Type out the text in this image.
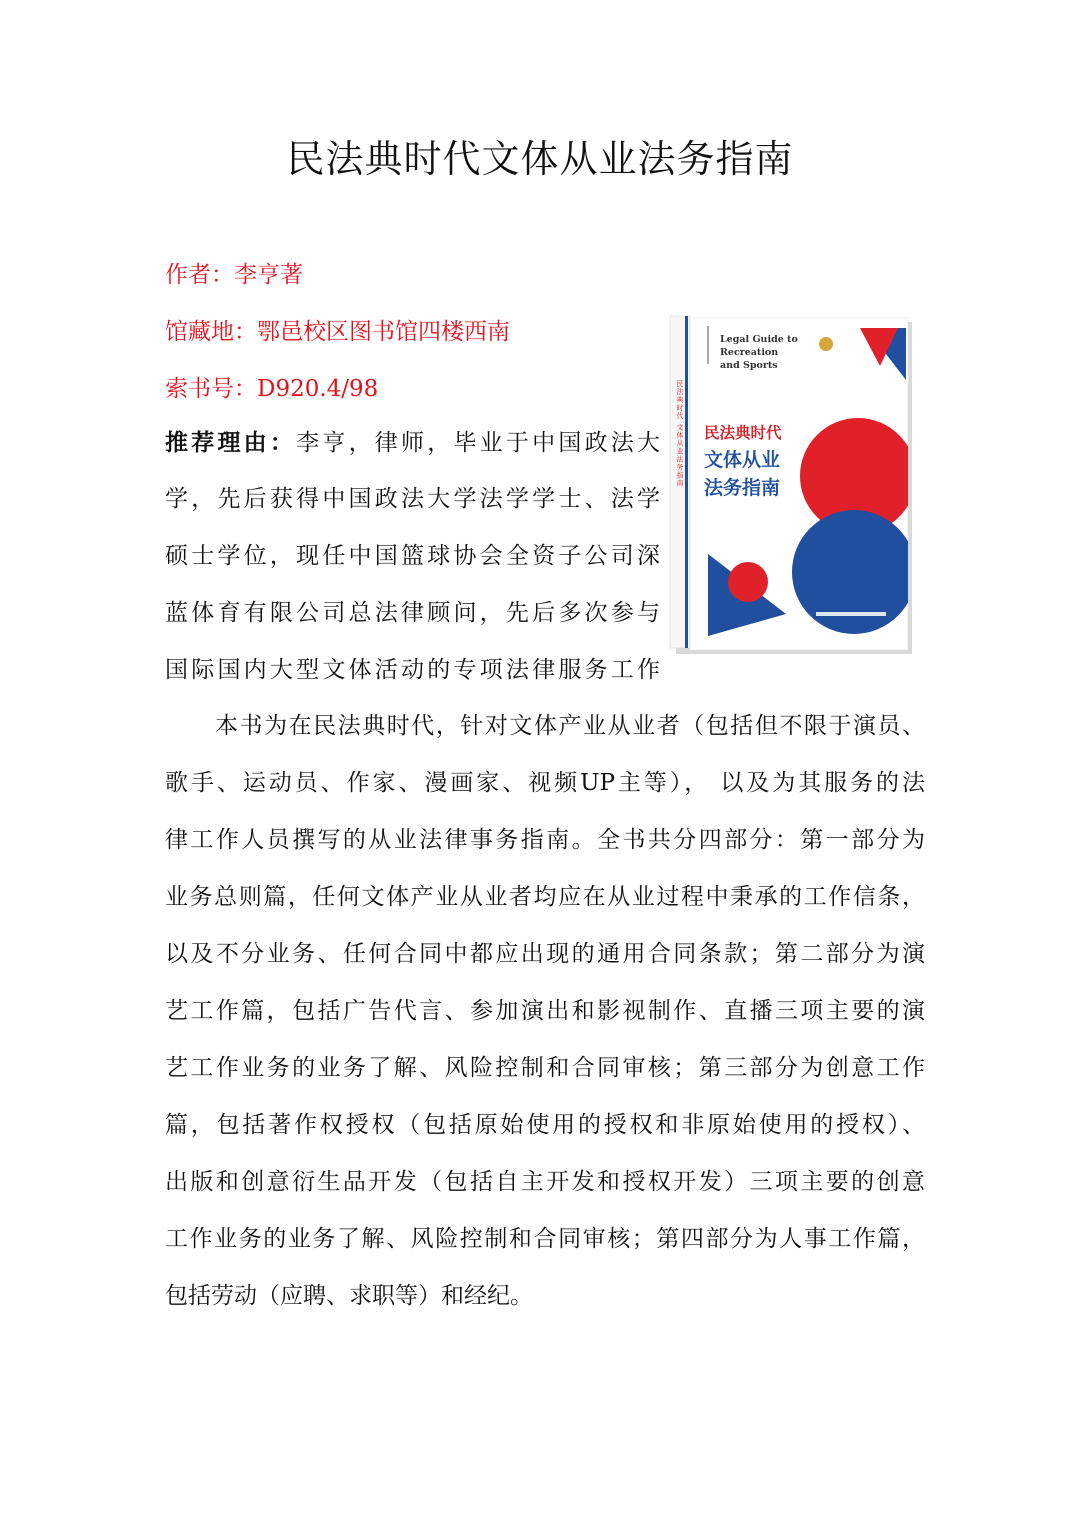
民法典时代文体从业法务指南

作者：李亨著

馆藏地：鄂邑校区图书馆四楼西南

索书号：D920.4/98

推荐理由：李亨，律师，毕业于中国政法大
学，先后获得中国政法大学法学学士、法学
硕士学位，现任中国篮球协会全资子公司深
蓝体育有限公司总法律顾问，先后多次参与
国际国内大型文体活动的专项法律服务工作
民法典时代 文体从业法务指南
Legal Guide to
Recreation
and Sports
民法典时代
文体从业
法务指南
本书为在民法典时代，针对文体产业从业者（包括但不限于演员、
歌手、运动员、作家、漫画家、视频UP主等）， 以及为其服务的法
律工作人员撰写的从业法律事务指南。全书共分四部分：第一部分为
业务总则篇，任何文体产业从业者均应在从业过程中秉承的工作信条，
以及不分业务、任何合同中都应出现的通用合同条款；第二部分为演
艺工作篇，包括广告代言、参加演出和影视制作、直播三项主要的演
艺工作业务的业务了解、风险控制和合同审核；第三部分为创意工作
篇，包括著作权授权（包括原始使用的授权和非原始使用的授权）、
出版和创意衍生品开发（包括自主开发和授权开发）三项主要的创意
工作业务的业务了解、风险控制和合同审核；第四部分为人事工作篇，
包括劳动（应聘、求职等）和经纪。
